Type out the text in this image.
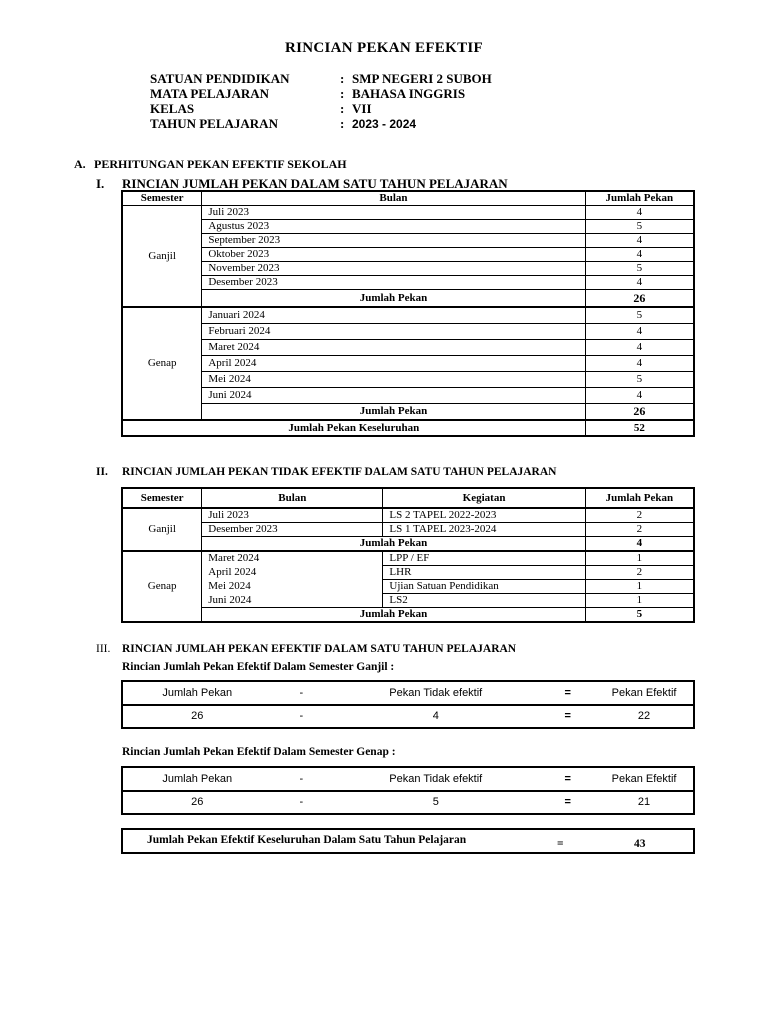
RINCIAN PEKAN EFEKTIF
SATUAN PENDIDIKAN	: SMP NEGERI 2 SUBOH
MATA PELAJARAN	: BAHASA INGGRIS
KELAS	: VII
TAHUN PELAJARAN	: 2023 - 2024
A. PERHITUNGAN PEKAN EFEKTIF SEKOLAH
I. RINCIAN JUMLAH PEKAN DALAM SATU TAHUN PELAJARAN
Semester	Bulan	Jumlah Pekan
Ganjil	Juli 2023	4
	Agustus 2023	5
	September 2023	4
	Oktober 2023	4
	November 2023	5
	Desember 2023	4
	Jumlah Pekan	26
Genap	Januari 2024	5
	Februari 2024	4
	Maret 2024	4
	April 2024	4
	Mei 2024	5
	Juni 2024	4
	Jumlah Pekan	26
Jumlah Pekan Keseluruhan		52
II. RINCIAN JUMLAH PEKAN TIDAK EFEKTIF DALAM SATU TAHUN PELAJARAN
Semester	Bulan	Kegiatan	Jumlah Pekan
Ganjil	Juli 2023	LS 2 TAPEL 2022-2023	2
	Desember 2023	LS 1 TAPEL 2023-2024	2
	Jumlah Pekan		4
Genap	Maret 2024	LPP / EF	1
	April 2024	LHR	2
	Mei 2024	Ujian Satuan Pendidikan	1
	Juni 2024	LS2	1
	Jumlah Pekan		5
III. RINCIAN JUMLAH PEKAN EFEKTIF DALAM SATU TAHUN PELAJARAN
Rincian Jumlah Pekan Efektif Dalam Semester Ganjil :
Jumlah Pekan	-	Pekan Tidak efektif	=	Pekan Efektif
26	-	4	=	22
Rincian Jumlah Pekan Efektif Dalam Semester Genap :
Jumlah Pekan	-	Pekan Tidak efektif	=	Pekan Efektif
26	-	5	=	21
Jumlah Pekan Efektif Keseluruhan Dalam Satu Tahun Pelajaran	=	43
